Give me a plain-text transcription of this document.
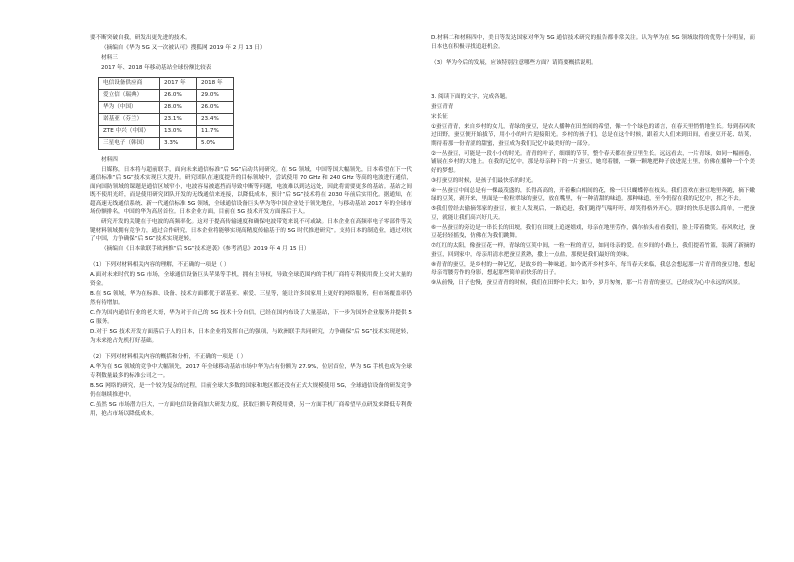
要不断突破自我，研发出更先进的技术。

（摘编自《华为 5G 又一次被认可》搜狐网 2019 年 2 月 13 日）

材料三

2017 年、2018 年移动基站全球份额比较表

电信设备供应商	2017 年	2018 年
爱立信（瑞典）	26.0%	29.0%
华为（中国）	28.0%	26.0%
诺基亚（芬兰）	23.1%	23.4%
ZTE 中兴（中国）	13.0%	11.7%
三星电子（韩国）	3.3%	5.0%

材料四

日媒称，日本将与超前联手，面向未来通信标准“后 5G”启动共同研究。在 5G 领域，中国等国大幅领先，日本希望在下一代通信标准“后 5G”技术实现巨大提升。研究团队在速度提升的目标领域中，尝试使用 70 GHz 和 240 GHz 等高的电波进行通信，面向国防领域的课题是通信区域窄小，电波容易被遮挡而导致中断等问题，电波难以到达远处，因此将需要更多的基站。基站之间既不使用光纤，而是使用研究团队开发的无线通信来连接，以降低成本，预计“后 5G”技术将在 2030 年前后实用化。据通知，在超高速无线通信系统、新一代通信标准 5G 领域，全球通信设备巨头华为等中国企业处于领先地位，与移动基站 2017 年的全球市场份额排名，中国的华为高居首位。日本企业方面，目前在 5G 技术开发方面落后于人。

研究开发的关键在于电波的高频率化。这对于提高传输速度和确保电波带宽来说不可或缺。日本企业在高频率电子零部件等关键材料领域拥有竞争力，通过合作研究，日本企业将能够实现高精度传输基于的 5G 时代推进研究”。支持日本的制造业，通过对抗了中国，力争确保“后 5G”技术实现逆转。

（摘编自《日本欲联手欧洲推“后 5G”技术逆袭》《参考消息》2019 年 4 月 15 日）

（1）下列对材料相关内容的理解，不正确的一项是（ ）

A.面对未来时代的 5G 市场，全球通信设备巨头苹果等手机，拥有主导权，导致全球范围内的手机厂商将专利使用费上交对大量的资金。

B.在 5G 领域，华为在标准、设备、技术方面都优于诺基亚、索爱、三星等，能让许多国家用上更好的网络服务，但市场覆盖率仍然有待增加。

C.作为国内通信行业的老大哥，华为对于自己的 5G 技术十分自信，已经在国内布设了大量基站，下一步为国外企业服务并提供 5G 服务。

D.对于 5G 技术开发方面落后于人的日本，日本企业将发挥自己的强项，与欧洲联手共同研究，力争确保“后 5G”技术实现逆转，为未来抢占先机打好基础。

（2）下列对材料相关内容的概括和分析，不正确的一项是（ ）

A.华为在 5G 领域的竞争中大幅领先，2017 年全球移动基站市场中华为占有份额为 27.9%，位居首位，华为 5G 手机也成为全球专利数量最多的标准公司之一。

B.5G 网络的研究，是一个较为复杂的过程，目前全球大多数的国家和地区都还没有正式大规模使用 5G，全球通信设备的研发竞争仍在继续推进中。

C.虽然 5G 市场潜力巨大，一方面电信设备商加大研发力度，获取巨额专利使用费，另一方面手机厂商希望早点研发来降低专利费用，抢占市场以降低成本。

D.材料二和材料四中，美日等发达国家对华为 5G 通信技术研究的报告都非常关注。认为华为在 5G 领域取得的优势十分明显，而日本也在积极寻找追赶机会。

（3）华为今后的发展，应该特别注意哪些方面？请简要概括说明。

3. 阅读下面的文字，完成各题。

蚕豆青青

宋长征

①蚕豆青青，来自乡村的女儿，青绿的蚕豆，是农人播种在田垄间的希望，像一个个绿色的诺言，在春天里悄悄地生长。每到春风吹过田野，蚕豆便开始拔节，用小小的叶片迎接阳光。乡村的孩子们，总是在这个时候，跟着大人们来到田间，看蚕豆开花、结荚，期待着那一份青涩的甜蜜，蚕豆成为我们记忆中最美好的一部分。

②一丛蚕豆，可能是一段小小的时光。青青的叶子，细细的节节，整个春天都在蚕豆里生长。远远看去，一片青绿，如同一幅画卷，铺展在乡村的大地上。在我的记忆中，那是母亲种下的一片蚕豆，她弯着腰，一颗一颗地把种子放进泥土里，仿佛在播种一个个美好的梦想。

③打蚕豆的时候，是孩子们最快乐的时光。

④一丛蚕豆中间总是有一棵最茂盛的，长得高高的，开着紫白相间的花，像一只只蝴蝶停在枝头。我们喜欢在蚕豆地里奔跑，摘下嫩绿的豆荚，剥开来，里面是一粒粒翠绿的蚕豆，放在嘴里，有一种清甜的味道。那种味道，至今仍留在我的记忆中，挥之不去。

⑤我们曾经去偷摘邻家的蚕豆，被主人发现后，一路追赶，我们跑得气喘吁吁，却笑得格外开心。那时的快乐是那么简单，一把蚕豆，就能让我们高兴好几天。

⑥一丛蚕豆的旁边是一串长长的田埂，我们在田埂上追逐嬉戏，母亲在地里劳作，偶尔抬头看看我们，脸上带着微笑。春风吹过，蚕豆花轻轻摇曳，仿佛在为我们跳舞。

⑦红红的太阳，像蚕豆花一样，青绿的豆荚中间，一粒一粒的青豆，如同母亲的爱。在乡间的小路上，我们提着竹篮，装满了新摘的蚕豆，回到家中，母亲用清水把蚕豆煮熟，撒上一点盐，那便是我们最好的美味。

⑧青青的蚕豆，是乡村的一种记忆，是故乡的一种味道。如今离开乡村多年，每当春天来临，我总会想起那一片青青的蚕豆地，想起母亲弯腰劳作的身影，想起那些简单而快乐的日子。

⑨从前慢，日子也慢，蚕豆青青的时候，我们在田野中长大；如今，岁月匆匆，那一片青青的蚕豆，已经成为心中永远的风景。
